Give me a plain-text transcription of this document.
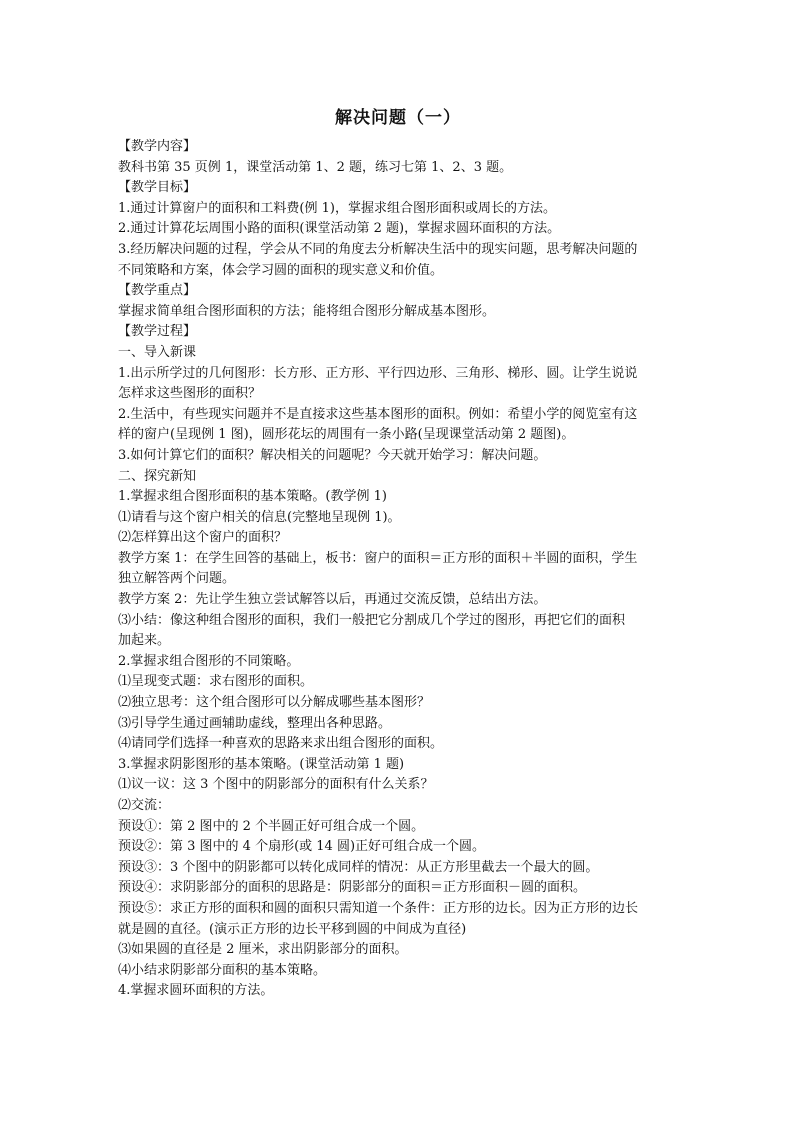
解决问题（一）
【教学内容】
教科书第 35 页例 1，课堂活动第 1、2 题，练习七第 1、2、3 题。
【教学目标】
1.通过计算窗户的面积和工料费(例 1)，掌握求组合图形面积或周长的方法。
2.通过计算花坛周围小路的面积(课堂活动第 2 题)，掌握求圆环面积的方法。
3.经历解决问题的过程，学会从不同的角度去分析解决生活中的现实问题，思考解决问题的
不同策略和方案，体会学习圆的面积的现实意义和价值。
【教学重点】
掌握求简单组合图形面积的方法；能将组合图形分解成基本图形。
【教学过程】
一、导入新课
1.出示所学过的几何图形：长方形、正方形、平行四边形、三角形、梯形、圆。让学生说说
怎样求这些图形的面积？
2.生活中，有些现实问题并不是直接求这些基本图形的面积。例如：希望小学的阅览室有这
样的窗户(呈现例 1 图)，圆形花坛的周围有一条小路(呈现课堂活动第 2 题图)。
3.如何计算它们的面积？解决相关的问题呢？今天就开始学习：解决问题。
二、探究新知
1.掌握求组合图形面积的基本策略。(教学例 1)
⑴请看与这个窗户相关的信息(完整地呈现例 1)。
⑵怎样算出这个窗户的面积？
教学方案 1：在学生回答的基础上，板书：窗户的面积＝正方形的面积＋半圆的面积，学生
独立解答两个问题。
教学方案 2：先让学生独立尝试解答以后，再通过交流反馈，总结出方法。
⑶小结：像这种组合图形的面积，我们一般把它分割成几个学过的图形，再把它们的面积
加起来。
2.掌握求组合图形的不同策略。
⑴呈现变式题：求右图形的面积。
⑵独立思考：这个组合图形可以分解成哪些基本图形？
⑶引导学生通过画辅助虚线，整理出各种思路。
⑷请同学们选择一种喜欢的思路来求出组合图形的面积。
3.掌握求阴影图形的基本策略。(课堂活动第 1 题)
⑴议一议：这 3 个图中的阴影部分的面积有什么关系？
⑵交流：
预设①：第 2 图中的 2 个半圆正好可组合成一个圆。
预设②：第 3 图中的 4 个扇形(或 14 圆)正好可组合成一个圆。
预设③：3 个图中的阴影都可以转化成同样的情况：从正方形里截去一个最大的圆。
预设④：求阴影部分的面积的思路是：阴影部分的面积＝正方形面积－圆的面积。
预设⑤：求正方形的面积和圆的面积只需知道一个条件：正方形的边长。因为正方形的边长
就是圆的直径。(演示正方形的边长平移到圆的中间成为直径)
⑶如果圆的直径是 2 厘米，求出阴影部分的面积。
⑷小结求阴影部分面积的基本策略。
4.掌握求圆环面积的方法。
